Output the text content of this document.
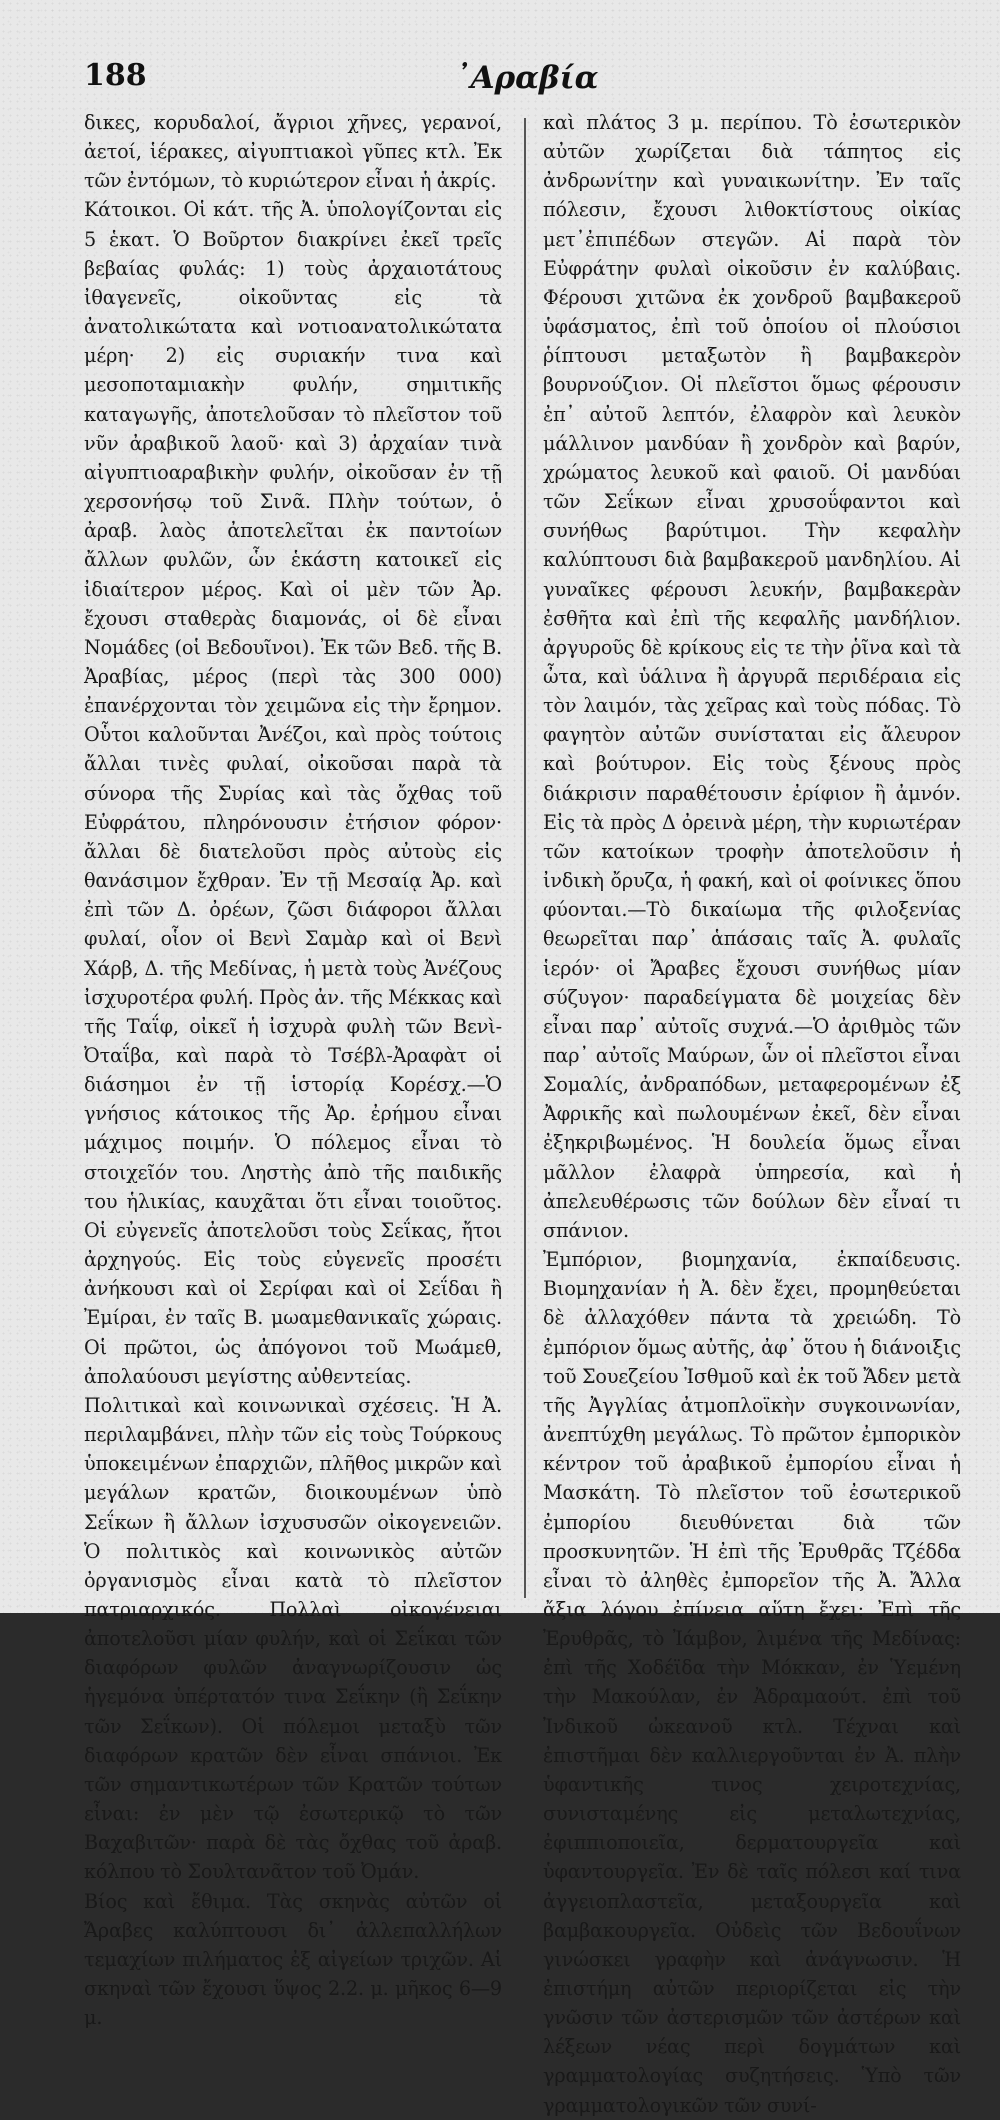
188	᾿Αραβία

δικες, κορυδαλοί, ἄγριοι χῆνες, γερανοί, ἀετοί, ἱέρακες, αἰγυπτιακοὶ γῦπες κτλ. Ἐκ τῶν ἐντόμων, τὸ κυριώτερον εἶναι ἡ ἀκρίς.

Κάτοικοι. Οἱ κάτ. τῆς Ἀ. ὑπολογίζονται εἰς 5 ἑκατ. Ὁ Βοῦρτον διακρίνει ἐκεῖ τρεῖς βεβαίας φυλάς: 1) τοὺς ἀρχαιοτάτους ἰθαγενεῖς, οἰκοῦντας εἰς τὰ ἀνατολικώτατα καὶ νοτιοανατολικώτατα μέρη· 2) εἰς συριακήν τινα καὶ μεσοποταμιακὴν φυλήν, σημιτικῆς καταγωγῆς, ἀποτελοῦσαν τὸ πλεῖστον τοῦ νῦν ἀραβικοῦ λαοῦ· καὶ 3) ἀρχαίαν τινὰ αἰγυπτιοαραβικὴν φυλήν, οἰκοῦσαν ἐν τῇ χερσονήσῳ τοῦ Σινᾶ. Πλὴν τούτων, ὁ ἀραβ. λαὸς ἀποτελεῖται ἐκ παντοίων ἄλλων φυλῶν, ὧν ἑκάστη κατοικεῖ εἰς ἰδιαίτερον μέρος. Καὶ οἱ μὲν τῶν Ἀρ. ἔχουσι σταθερὰς διαμονάς, οἱ δὲ εἶναι Νομάδες (οἱ Βεδουῖνοι). Ἐκ τῶν Βεδ. τῆς Β. Ἀραβίας, μέρος (περὶ τὰς 300 000) ἐπανέρχονται τὸν χειμῶνα εἰς τὴν ἔρημον. Οὗτοι καλοῦνται Ἀνέζοι, καὶ πρὸς τούτοις ἄλλαι τινὲς φυλαί, οἰκοῦσαι παρὰ τὰ σύνορα τῆς Συρίας καὶ τὰς ὄχθας τοῦ Εὐφράτου, πληρόνουσιν ἐτήσιον φόρον· ἄλλαι δὲ διατελοῦσι πρὸς αὐτοὺς εἰς θανάσιμον ἔχθραν. Ἐν τῇ Μεσαίᾳ Ἀρ. καὶ ἐπὶ τῶν Δ. ὀρέων, ζῶσι διάφοροι ἄλλαι φυλαί, οἷον οἱ Βενὶ Σαμὰρ καὶ οἱ Βενὶ Χάρβ, Δ. τῆς Μεδίνας, ἡ μετὰ τοὺς Ἀνέζους ἰσχυροτέρα φυλή. Πρὸς ἀν. τῆς Μέκκας καὶ τῆς Ταΐφ, οἰκεῖ ἡ ἰσχυρὰ φυλὴ τῶν Βενὶ-Ὀταΐβα, καὶ παρὰ τὸ Τσέβλ-Ἀραφὰτ οἱ διάσημοι ἐν τῇ ἱστορίᾳ Κορέσχ.—Ὁ γνήσιος κάτοικος τῆς Ἀρ. ἐρήμου εἶναι μάχιμος ποιμήν. Ὁ πόλεμος εἶναι τὸ στοιχεῖόν του. Ληστὴς ἀπὸ τῆς παιδικῆς του ἡλικίας, καυχᾶται ὅτι εἶναι τοιοῦτος. Οἱ εὐγενεῖς ἀποτελοῦσι τοὺς Σεΐκας, ἤτοι ἀρχηγούς. Εἰς τοὺς εὐγενεῖς προσέτι ἀνήκουσι καὶ οἱ Σερίφαι καὶ οἱ Σεΐδαι ἢ Ἐμίραι, ἐν ταῖς Β. μωαμεθανικαῖς χώραις. Οἱ πρῶτοι, ὡς ἀπόγονοι τοῦ Μωάμεθ, ἀπολαύουσι μεγίστης αὐθεντείας.

Πολιτικαὶ καὶ κοινωνικαὶ σχέσεις. Ἡ Ἀ. περιλαμβάνει, πλὴν τῶν εἰς τοὺς Τούρκους ὑποκειμένων ἐπαρχιῶν, πλῆθος μικρῶν καὶ μεγάλων κρατῶν, διοικουμένων ὑπὸ Σεΐκων ἢ ἄλλων ἰσχυσυσῶν οἰκογενειῶν. Ὁ πολιτικὸς καὶ κοινωνικὸς αὐτῶν ὀργανισμὸς εἶναι κατὰ τὸ πλεῖστον πατριαρχικός. Πολλαὶ οἰκογένειαι ἀποτελοῦσι μίαν φυλήν, καὶ οἱ Σεΐκαι τῶν διαφόρων φυλῶν ἀναγνωρίζουσιν ὡς ἡγεμόνα ὑπέρτατόν τινα Σεΐκην (ἢ Σεΐκην τῶν Σεΐκων). Οἱ πόλεμοι μεταξὺ τῶν διαφόρων κρατῶν δὲν εἶναι σπάνιοι. Ἐκ τῶν σημαντικωτέρων τῶν Κρατῶν τούτων εἶναι: ἐν μὲν τῷ ἐσωτερικῷ τὸ τῶν Βαχαβιτῶν· παρὰ δὲ τὰς ὄχθας τοῦ ἀραβ. κόλπου τὸ Σουλτανᾶτον τοῦ Ὀμάν.

Βίος καὶ ἔθιμα. Τὰς σκηνὰς αὐτῶν οἱ Ἄραβες καλύπτουσι δι᾿ ἀλλεπαλλήλων τεμαχίων πιλήματος ἐξ αἰγείων τριχῶν. Αἱ σκηναὶ τῶν ἔχουσι ὕψος 2.2. μ. μῆκος 6—9 μ.

καὶ πλάτος 3 μ. περίπου. Τὸ ἐσωτερικὸν αὐτῶν χωρίζεται διὰ τάπητος εἰς ἀνδρωνίτην καὶ γυναικωνίτην. Ἐν ταῖς πόλεσιν, ἔχουσι λιθοκτίστους οἰκίας μετ᾿ἐπιπέδων στεγῶν. Αἱ παρὰ τὸν Εὐφράτην φυλαὶ οἰκοῦσιν ἐν καλύβαις. Φέρουσι χιτῶνα ἐκ χονδροῦ βαμβακεροῦ ὑφάσματος, ἐπὶ τοῦ ὁποίου οἱ πλούσιοι ῥίπτουσι μεταξωτὸν ἢ βαμβακερὸν βουρνούζιον. Οἱ πλεῖστοι ὅμως φέρουσιν ἐπ᾿ αὐτοῦ λεπτόν, ἐλαφρὸν καὶ λευκὸν μάλλινον μανδύαν ἢ χονδρὸν καὶ βαρύν, χρώματος λευκοῦ καὶ φαιοῦ. Οἱ μανδύαι τῶν Σεΐκων εἶναι χρυσοΰφαντοι καὶ συνήθως βαρύτιμοι. Τὴν κεφαλὴν καλύπτουσι διὰ βαμβακεροῦ μανδηλίου. Αἱ γυναῖκες φέρουσι λευκήν, βαμβακερὰν ἐσθῆτα καὶ ἐπὶ τῆς κεφαλῆς μανδήλιον. ἀργυροῦς δὲ κρίκους εἰς τε τὴν ῥῖνα καὶ τὰ ὦτα, καὶ ὑάλινα ἢ ἀργυρᾶ περιδέραια εἰς τὸν λαιμόν, τὰς χεῖρας καὶ τοὺς πόδας. Τὸ φαγητὸν αὐτῶν συνίσταται εἰς ἄλευρον καὶ βούτυρον. Εἰς τοὺς ξένους πρὸς διάκρισιν παραθέτουσιν ἐρίφιον ἢ ἀμνόν. Εἰς τὰ πρὸς Δ ὀρεινὰ μέρη, τὴν κυριωτέραν τῶν κατοίκων τροφὴν ἀποτελοῦσιν ἡ ἰνδικὴ ὄρυζα, ἡ φακή, καὶ οἱ φοίνικες ὅπου φύονται.—Τὸ δικαίωμα τῆς φιλοξενίας θεωρεῖται παρ᾿ ἁπάσαις ταῖς Ἀ. φυλαῖς ἱερόν· οἱ Ἄραβες ἔχουσι συνήθως μίαν σύζυγον· παραδείγματα δὲ μοιχείας δὲν εἶναι παρ᾿ αὐτοῖς συχνά.—Ὁ ἀριθμὸς τῶν παρ᾿ αὐτοῖς Μαύρων, ὧν οἱ πλεῖστοι εἶναι Σομαλίς, ἀνδραπόδων, μεταφερομένων ἐξ Ἀφρικῆς καὶ πωλουμένων ἐκεῖ, δὲν εἶναι ἐξηκριβωμένος. Ἡ δουλεία ὅμως εἶναι μᾶλλον ἐλαφρὰ ὑπηρεσία, καὶ ἡ ἀπελευθέρωσις τῶν δούλων δὲν εἶναί τι σπάνιον.

Ἐμπόριον, βιομηχανία, ἐκπαίδευσις. Βιομηχανίαν ἡ Ἀ. δὲν ἔχει, προμηθεύεται δὲ ἀλλαχόθεν πάντα τὰ χρειώδη. Τὸ ἐμπόριον ὅμως αὐτῆς, ἀφ᾿ ὅτου ἡ διάνοιξις τοῦ Σουεζείου Ἰσθμοῦ καὶ ἐκ τοῦ Ἄδεν μετὰ τῆς Ἀγγλίας ἀτμοπλοϊκὴν συγκοινωνίαν, ἀνεπτύχθη μεγάλως. Τὸ πρῶτον ἐμπορικὸν κέντρον τοῦ ἀραβικοῦ ἐμπορίου εἶναι ἡ Μασκάτη. Τὸ πλεῖστον τοῦ ἐσωτερικοῦ ἐμπορίου διευθύνεται διὰ τῶν προσκυνητῶν. Ἡ ἐπὶ τῆς Ἐρυθρᾶς Τζέδδα εἶναι τὸ ἀληθὲς ἐμπορεῖον τῆς Ἀ. Ἄλλα ἄξια λόγου ἐπίνεια αὕτη ἔχει: Ἐπὶ τῆς Ἐρυθρᾶς, τὸ Ἰάμβον, λιμένα τῆς Μεδίνας: ἐπὶ τῆς Χοδέϊδα τὴν Μόκκαν, ἐν Ὑεμένη τὴν Μακούλαν, ἐν Ἀδραμαούτ. ἐπὶ τοῦ Ἰνδικοῦ ὠκεανοῦ κτλ. Τέχναι καὶ ἐπιστῆμαι δὲν καλλιεργοῦνται ἐν Ἀ. πλὴν ὑφαντικῆς τινος χειροτεχνίας, συνισταμένης εἰς μεταλωτεχνίας, ἐφιππιοποιεῖα, δερματουργεῖα καὶ ὑφαντουργεῖα. Ἐν δὲ ταῖς πόλεσι καί τινα ἀγγειοπλαστεῖα, μεταξουργεῖα καὶ βαμβακουργεῖα. Οὐδεὶς τῶν Βεδουΐνων γινώσκει γραφὴν καὶ ἀνάγνωσιν. Ἡ ἐπιστήμη αὐτῶν περιορίζεται εἰς τὴν γνῶσιν τῶν ἀστερισμῶν τῶν ἀστέρων καὶ λέξεων νέας περὶ δογμάτων καὶ γραμματολογίας συζητήσεις. Ὑπὸ τῶν γραμματολογικῶν τῶν συνί-
